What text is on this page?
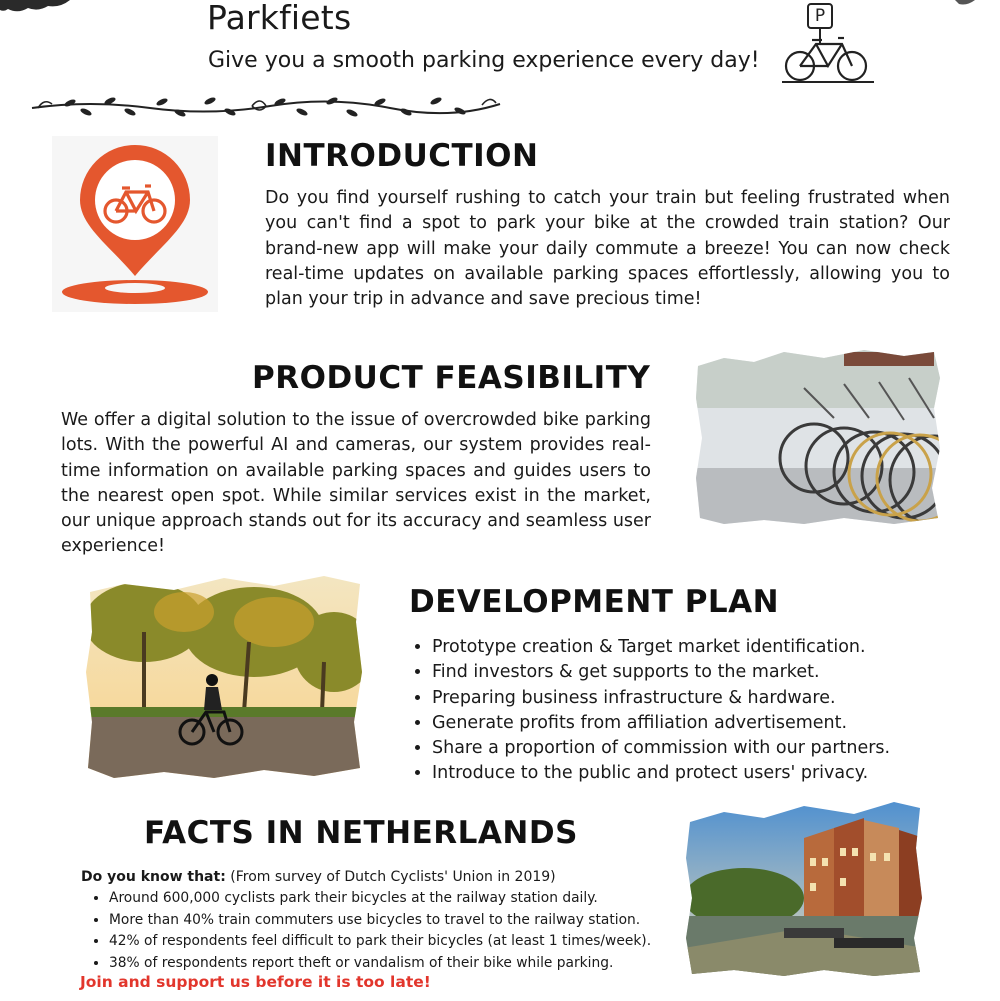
Parkfiets
Give you a smooth parking experience every day!
P
INTRODUCTION

Do you find yourself rushing to catch your train but feeling frustrated when you can't find a spot to park your bike at the crowded train station? Our brand-new app will make your daily commute a breeze! You can now check real-time updates on available parking spaces effortlessly, allowing you to plan your trip in advance and save precious time!

PRODUCT FEASIBILITY

We offer a digital solution to the issue of overcrowded bike parking lots. With the powerful AI and cameras, our system provides real-time information on available parking spaces and guides users to the nearest open spot. While similar services exist in the market, our unique approach stands out for its accuracy and seamless user experience!

DEVELOPMENT PLAN
• Prototype creation & Target market identification.
• Find investors & get supports to the market.
• Preparing business infrastructure & hardware.
• Generate profits from affiliation advertisement.
• Share a proportion of commission with our partners.
• Introduce to the public and protect users' privacy.
FACTS IN NETHERLANDS
Do you know that: (From survey of Dutch Cyclists' Union in 2019)
• Around 600,000 cyclists park their bicycles at the railway station daily.
• More than 40% train commuters use bicycles to travel to the railway station.
• 42% of respondents feel difficult to park their bicycles (at least 1 times/week).
• 38% of respondents report theft or vandalism of their bike while parking.
Join and support us before it is too late!
